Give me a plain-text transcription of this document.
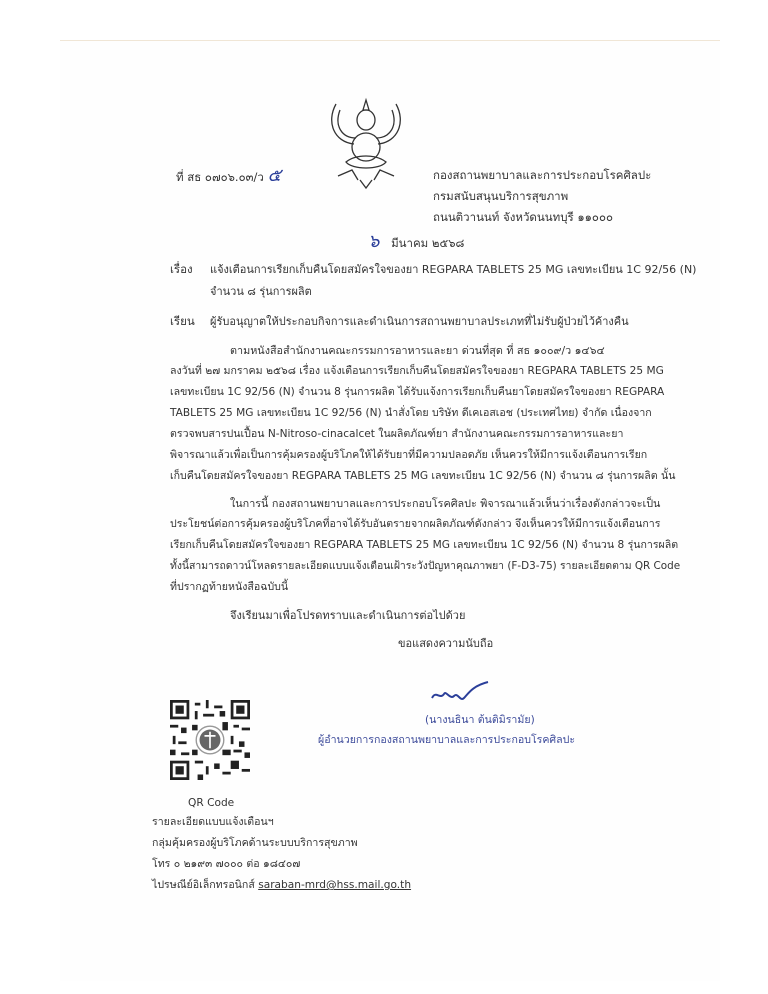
ที่ สธ ๐๗๐๖.๐๓/ว ๕	กองสถานพยาบาลและการประกอบโรคศิลปะ
กรมสนับสนุนบริการสุขภาพ
ถนนติวานนท์ จังหวัดนนทบุรี ๑๑๐๐๐
๖ มีนาคม ๒๕๖๘
เรื่อง แจ้งเตือนการเรียกเก็บคืนโดยสมัครใจของยา REGPARA TABLETS 25 MG เลขทะเบียน 1C 92/56 (N)
จำนวน ๘ รุ่นการผลิต
เรียน ผู้รับอนุญาตให้ประกอบกิจการและดำเนินการสถานพยาบาลประเภทที่ไม่รับผู้ป่วยไว้ค้างคืน
ตามหนังสือสำนักงานคณะกรรมการอาหารและยา ด่วนที่สุด ที่ สธ ๑๐๐๙/ว ๑๔๖๔
ลงวันที่ ๒๗ มกราคม ๒๕๖๘ เรื่อง แจ้งเตือนการเรียกเก็บคืนโดยสมัครใจของยา REGPARA TABLETS 25 MG
เลขทะเบียน 1C 92/56 (N) จำนวน 8 รุ่นการผลิต ได้รับแจ้งการเรียกเก็บคืนยาโดยสมัครใจของยา REGPARA
TABLETS 25 MG เลขทะเบียน 1C 92/56 (N) นำสั่งโดย บริษัท ดีเคเอสเอช (ประเทศไทย) จำกัด เนื่องจาก
ตรวจพบสารปนเปื้อน N-Nitroso-cinacalcet ในผลิตภัณฑ์ยา สำนักงานคณะกรรมการอาหารและยา
พิจารณาแล้วเพื่อเป็นการคุ้มครองผู้บริโภคให้ได้รับยาที่มีความปลอดภัย เห็นควรให้มีการแจ้งเตือนการเรียก
เก็บคืนโดยสมัครใจของยา REGPARA TABLETS 25 MG เลขทะเบียน 1C 92/56 (N) จำนวน ๘ รุ่นการผลิต นั้น
ในการนี้ กองสถานพยาบาลและการประกอบโรคศิลปะ พิจารณาแล้วเห็นว่าเรื่องดังกล่าวจะเป็น
ประโยชน์ต่อการคุ้มครองผู้บริโภคที่อาจได้รับอันตรายจากผลิตภัณฑ์ดังกล่าว จึงเห็นควรให้มีการแจ้งเตือนการ
เรียกเก็บคืนโดยสมัครใจของยา REGPARA TABLETS 25 MG เลขทะเบียน 1C 92/56 (N) จำนวน 8 รุ่นการผลิต
ทั้งนี้สามารถดาวน์โหลดรายละเอียดแบบแจ้งเตือนเฝ้าระวังปัญหาคุณภาพยา (F-D3-75) รายละเอียดตาม QR Code
ที่ปรากฏท้ายหนังสือฉบับนี้
จึงเรียนมาเพื่อโปรดทราบและดำเนินการต่อไปด้วย
ขอแสดงความนับถือ
(นางนธินา ต้นติมิรามัย)
ผู้อำนวยการกองสถานพยาบาลและการประกอบโรคศิลปะ
QR Code
รายละเอียดแบบแจ้งเตือนฯ
กลุ่มคุ้มครองผู้บริโภคด้านระบบบริการสุขภาพ
โทร ๐ ๒๑๙๓ ๗๐๐๐ ต่อ ๑๘๔๐๗
ไปรษณีย์อิเล็กทรอนิกส์ saraban-mrd@hss.mail.go.th
